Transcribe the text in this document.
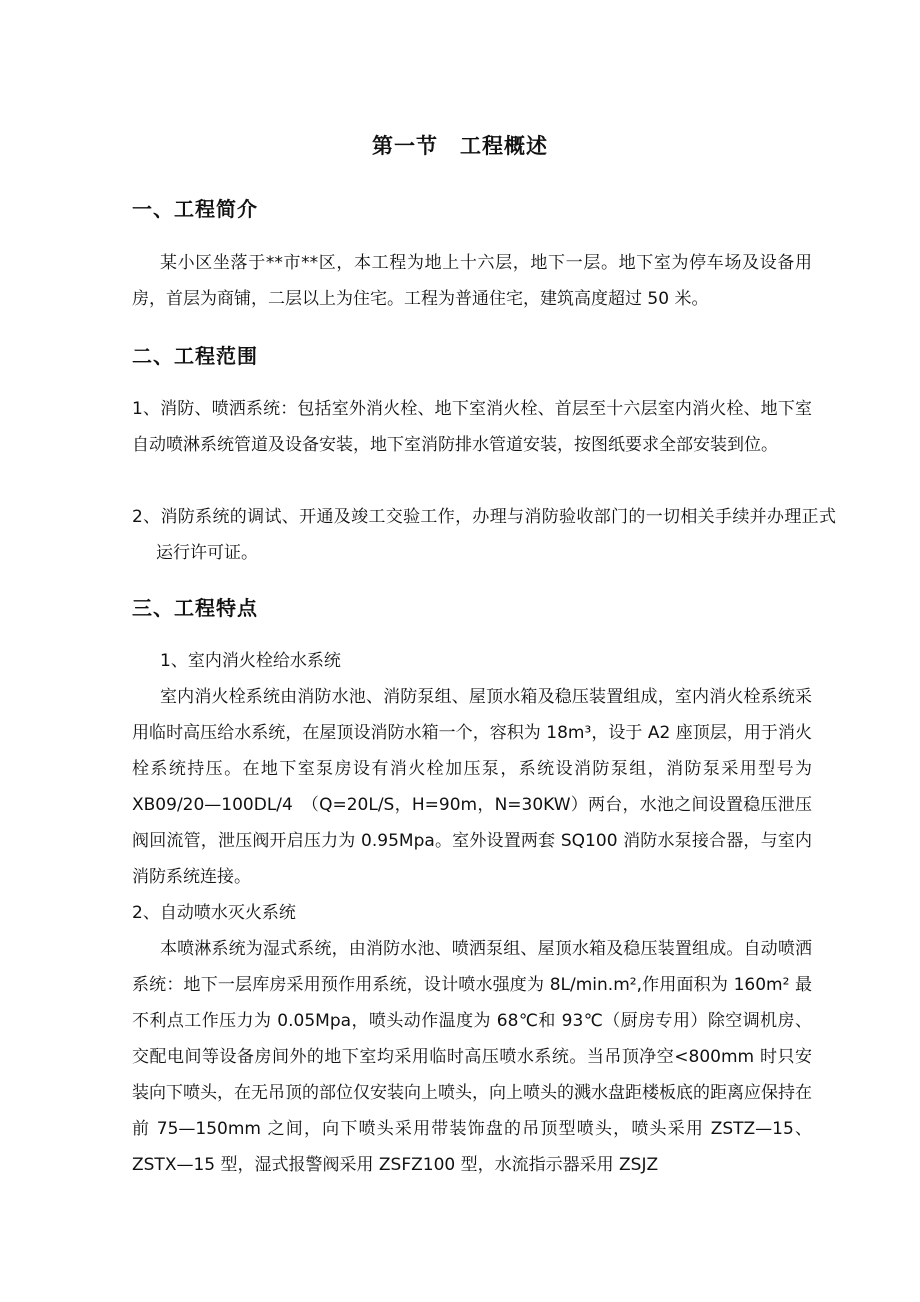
第一节　工程概述
一、工程简介
某小区坐落于**市**区，本工程为地上十六层，地下一层。地下室为停车场及设备用房，首层为商铺，二层以上为住宅。工程为普通住宅，建筑高度超过 50 米。
二、工程范围
1、消防、喷洒系统：包括室外消火栓、地下室消火栓、首层至十六层室内消火栓、地下室自动喷淋系统管道及设备安装，地下室消防排水管道安装，按图纸要求全部安装到位。
2、消防系统的调试、开通及竣工交验工作，办理与消防验收部门的一切相关手续并办理正式运行许可证。
三、工程特点
1、室内消火栓给水系统
室内消火栓系统由消防水池、消防泵组、屋顶水箱及稳压装置组成，室内消火栓系统采用临时高压给水系统，在屋顶设消防水箱一个，容积为 18m³，设于 A2 座顶层，用于消火栓系统持压。在地下室泵房设有消火栓加压泵，系统设消防泵组，消防泵采用型号为 XB09/20—100DL/4　（Q=20L/S，H=90m，N=30KW）两台，水池之间设置稳压泄压阀回流管，泄压阀开启压力为 0.95Mpa。室外设置两套 SQ100 消防水泵接合器，与室内消防系统连接。
2、自动喷水灭火系统
本喷淋系统为湿式系统，由消防水池、喷洒泵组、屋顶水箱及稳压装置组成。自动喷洒系统：地下一层库房采用预作用系统，设计喷水强度为 8L/min.m²,作用面积为 160m² 最不利点工作压力为 0.05Mpa，喷头动作温度为 68℃和 93℃（厨房专用）除空调机房、交配电间等设备房间外的地下室均采用临时高压喷水系统。当吊顶净空<800mm 时只安装向下喷头，在无吊顶的部位仅安装向上喷头，向上喷头的溅水盘距楼板底的距离应保持在前 75—150mm 之间，向下喷头采用带装饰盘的吊顶型喷头，喷头采用 ZSTZ—15、ZSTX—15 型，湿式报警阀采用 ZSFZ100 型，水流指示器采用 ZSJZ
